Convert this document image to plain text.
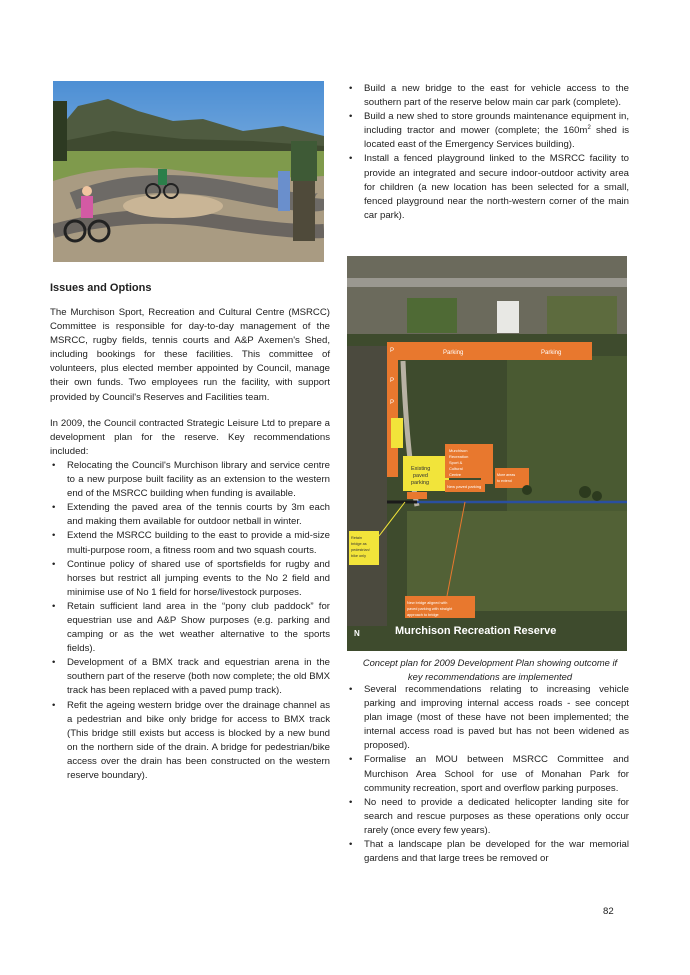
Issues and Options

The Murchison Sport, Recreation and Cultural Centre (MSRCC) Committee is responsible for day-to-day management of the MSRCC, rugby fields, tennis courts and A&P Axemen's Shed, including bookings for these facilities. This committee of volunteers, plus elected member appointed by Council, manage their own funds. Two employees run the facility, with support provided by Council's Reserves and Facilities team.

In 2009, the Council contracted Strategic Leisure Ltd to prepare a development plan for the reserve. Key recommendations included:

• Relocating the Council's Murchison library and service centre to a new purpose built facility as an extension to the western end of the MSRCC building when funding is available.
• Extending the paved area of the tennis courts by 3m each and making them available for outdoor netball in winter.
• Extend the MSRCC building to the east to provide a mid-size multi-purpose room, a fitness room and two squash courts.
• Continue policy of shared use of sportsfields for rugby and horses but restrict all jumping events to the No 2 field and minimise use of No 1 field for horse/livestock purposes.
• Retain sufficient land area in the “pony club paddock” for equestrian use and A&P Show purposes (e.g. parking and camping or as the wet weather alternative to the sports fields).
• Development of a BMX track and equestrian arena in the southern part of the reserve (both now complete; the old BMX track has been replaced with a paved pump track).
• Refit the ageing western bridge over the drainage channel as a pedestrian and bike only bridge for access to BMX track (This bridge still exists but access is blocked by a new bund on the northern side of the drain. A bridge for pedestrian/bike access over the drain has been constructed on the western reserve boundary).
• Build a new bridge to the east for vehicle access to the southern part of the reserve below main car park (complete).
• Build a new shed to store grounds maintenance equipment in, including tractor and mower (complete; the $160m^2$ shed is located east of the Emergency Services building).
• Install a fenced playground linked to the MSRCC facility to provide an integrated and secure indoor-outdoor activity area for children (a new location has been selected for a small, fenced playground near the north-western corner of the main car park).
Parking	Parking
P
P
P
Existing
paved
parking
Murchison
Recreation
Sport &
Cultural
Centre	More areas
to extend
New paved parking
Retain
bridge as
pedestrian/
bike only
New bridge aligned with
paved parking with straight
approach to bridge
Murchison Recreation Reserve
N
Concept plan for 2009 Development Plan showing outcome if key recommendations are implemented
• Several recommendations relating to increasing vehicle parking and improving internal access roads - see concept plan image (most of these have not been implemented; the internal access road is paved but has not been widened as proposed).
• Formalise an MOU between MSRCC Committee and Murchison Area School for use of Monahan Park for community recreation, sport and overflow parking purposes.
• No need to provide a dedicated helicopter landing site for search and rescue purposes as these operations only occur rarely (once every few years).
• That a landscape plan be developed for the war memorial gardens and that large trees be removed or
82
